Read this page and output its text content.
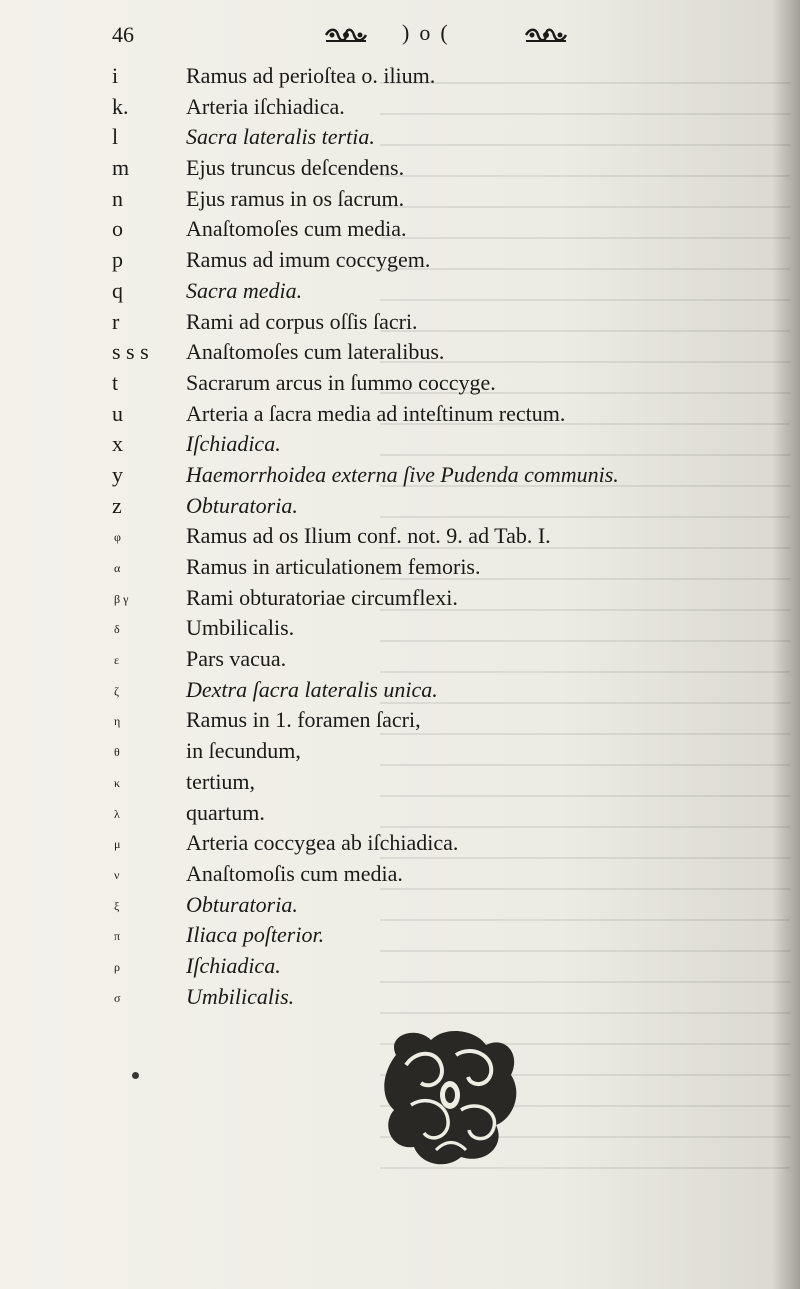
46	)o(
i	Ramus ad perioſtea o. ilium.
k.	Arteria iſchiadica.
l	Sacra lateralis tertia.
m	Ejus truncus deſcendens.
n	Ejus ramus in os ſacrum.
o	Anaſtomoſes cum media.
p	Ramus ad imum coccygem.
q	Sacra media.
r	Rami ad corpus oſſis ſacri.
s s s	Anaſtomoſes cum lateralibus.
t	Sacrarum arcus in ſummo coccyge.
u	Arteria a ſacra media ad inteſtinum rectum.
x	Iſchiadica.
y	Haemorrhoidea externa ſive Pudenda communis.
z	Obturatoria.
φ	Ramus ad os Ilium conf. not. 9. ad Tab. I.
α	Ramus in articulationem femoris.
β γ	Rami obturatoriae circumflexi.
δ	Umbilicalis.
ε	Pars vacua.
ζ	Dextra ſacra lateralis unica.
η	Ramus in 1. foramen ſacri,
θ	in ſecundum,
κ	tertium,
λ	quartum.
μ	Arteria coccygea ab iſchiadica.
ν	Anaſtomoſis cum media.
ξ	Obturatoria.
π	Iliaca poſterior.
ρ	Iſchiadica.
σ	Umbilicalis.
